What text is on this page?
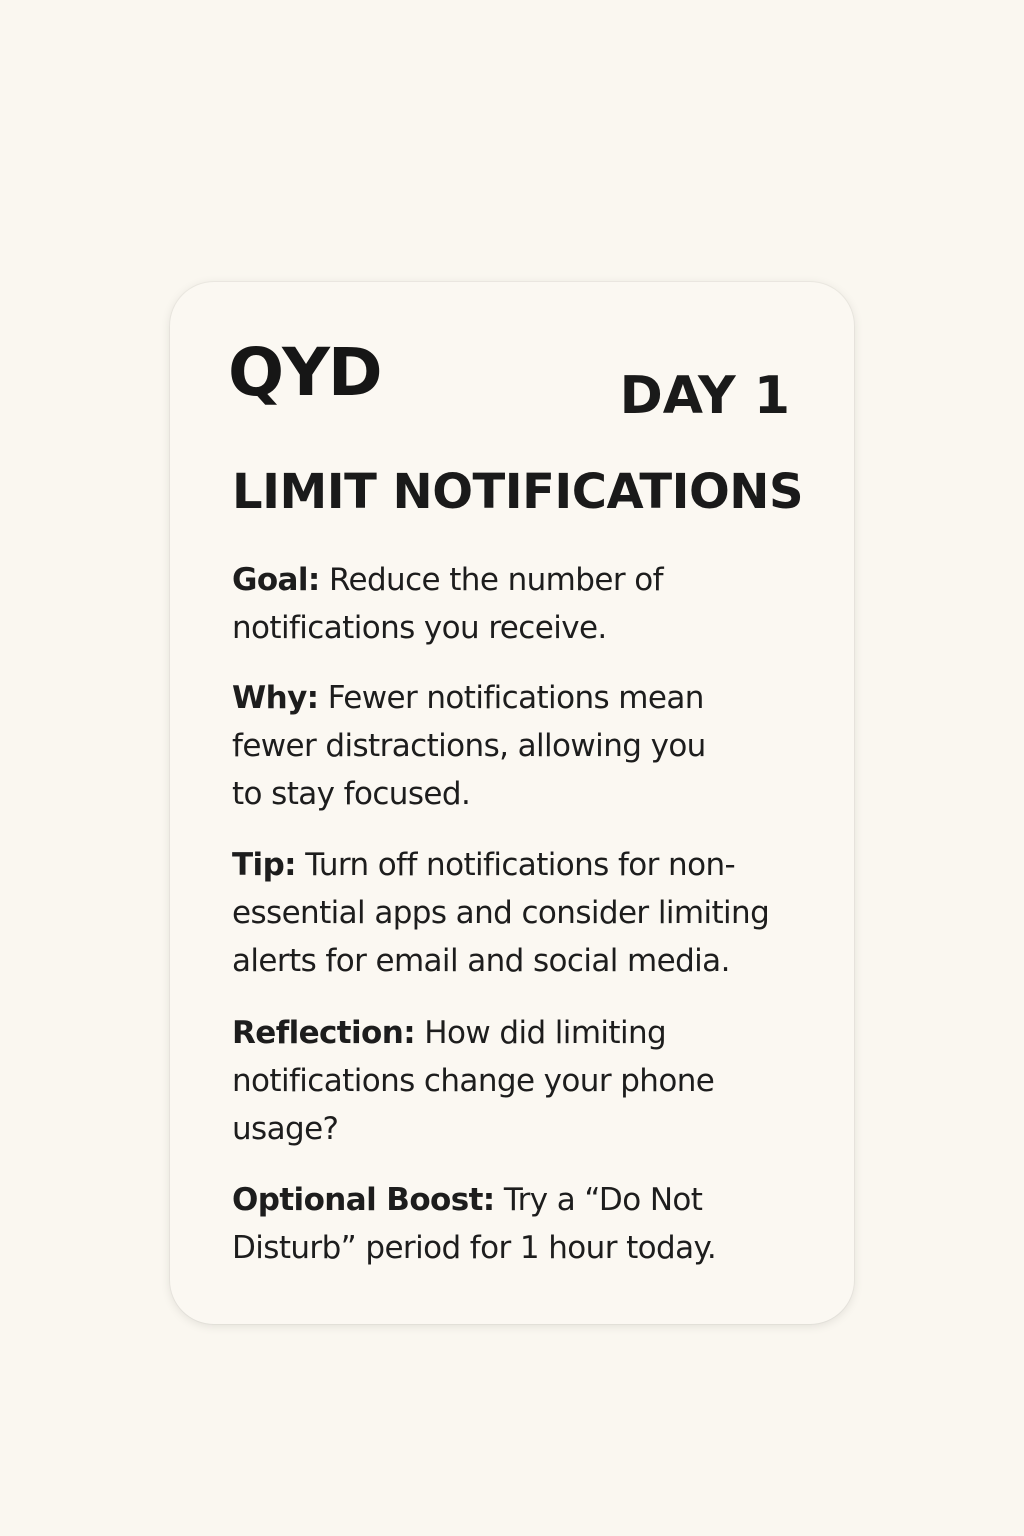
QYD	DAY 1
LIMIT NOTIFICATIONS
Goal: Reduce the number of
notifications you receive.
Why: Fewer notifications mean
fewer distractions, allowing you
to stay focused.
Tip: Turn off notifications for non-
essential apps and consider limiting
alerts for email and social media.
Reflection: How did limiting
notifications change your phone
usage?
Optional Boost: Try a “Do Not
Disturb” period for 1 hour today.
